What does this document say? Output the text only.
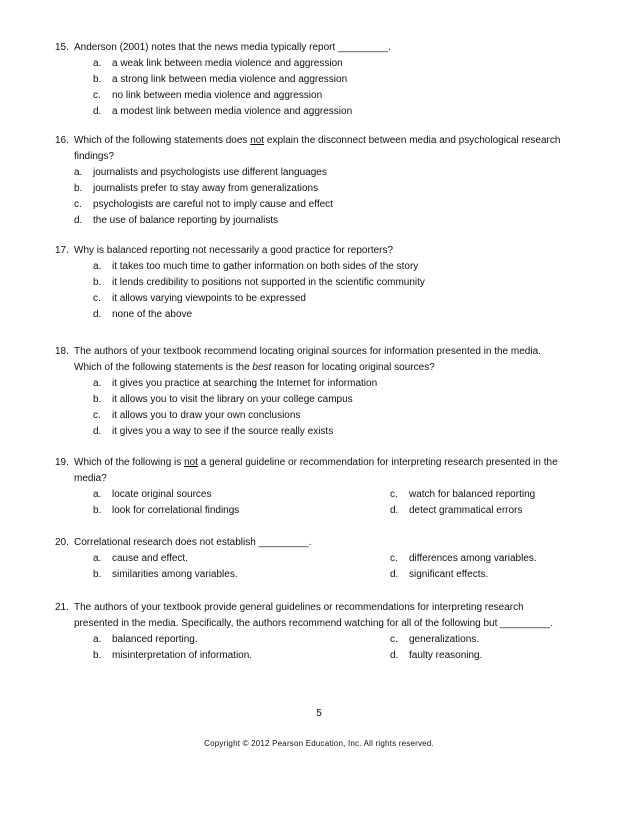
15. Anderson (2001) notes that the news media typically report _________.
a. a weak link between media violence and aggression
b. a strong link between media violence and aggression
c. no link between media violence and aggression
d. a modest link between media violence and aggression
16. Which of the following statements does not explain the disconnect between media and psychological research
findings?
a. journalists and psychologists use different languages
b. journalists prefer to stay away from generalizations
c. psychologists are careful not to imply cause and effect
d. the use of balance reporting by journalists
17. Why is balanced reporting not necessarily a good practice for reporters?
a. it takes too much time to gather information on both sides of the story
b. it lends credibility to positions not supported in the scientific community
c. it allows varying viewpoints to be expressed
d. none of the above
18. The authors of your textbook recommend locating original sources for information presented in the media.
Which of the following statements is the best reason for locating original sources?
a. it gives you practice at searching the Internet for information
b. it allows you to visit the library on your college campus
c. it allows you to draw your own conclusions
d. it gives you a way to see if the source really exists
19. Which of the following is not a general guideline or recommendation for interpreting research presented in the
media?
a. locate original sources	c. watch for balanced reporting
b. look for correlational findings	d. detect grammatical errors
20. Correlational research does not establish _________.
a. cause and effect.	c. differences among variables.
b. similarities among variables.	d. significant effects.
21. The authors of your textbook provide general guidelines or recommendations for interpreting research
presented in the media. Specifically, the authors recommend watching for all of the following but _________.
a. balanced reporting.	c. generalizations.
b. misinterpretation of information.	d. faulty reasoning.
5
Copyright © 2012 Pearson Education, Inc. All rights reserved.
